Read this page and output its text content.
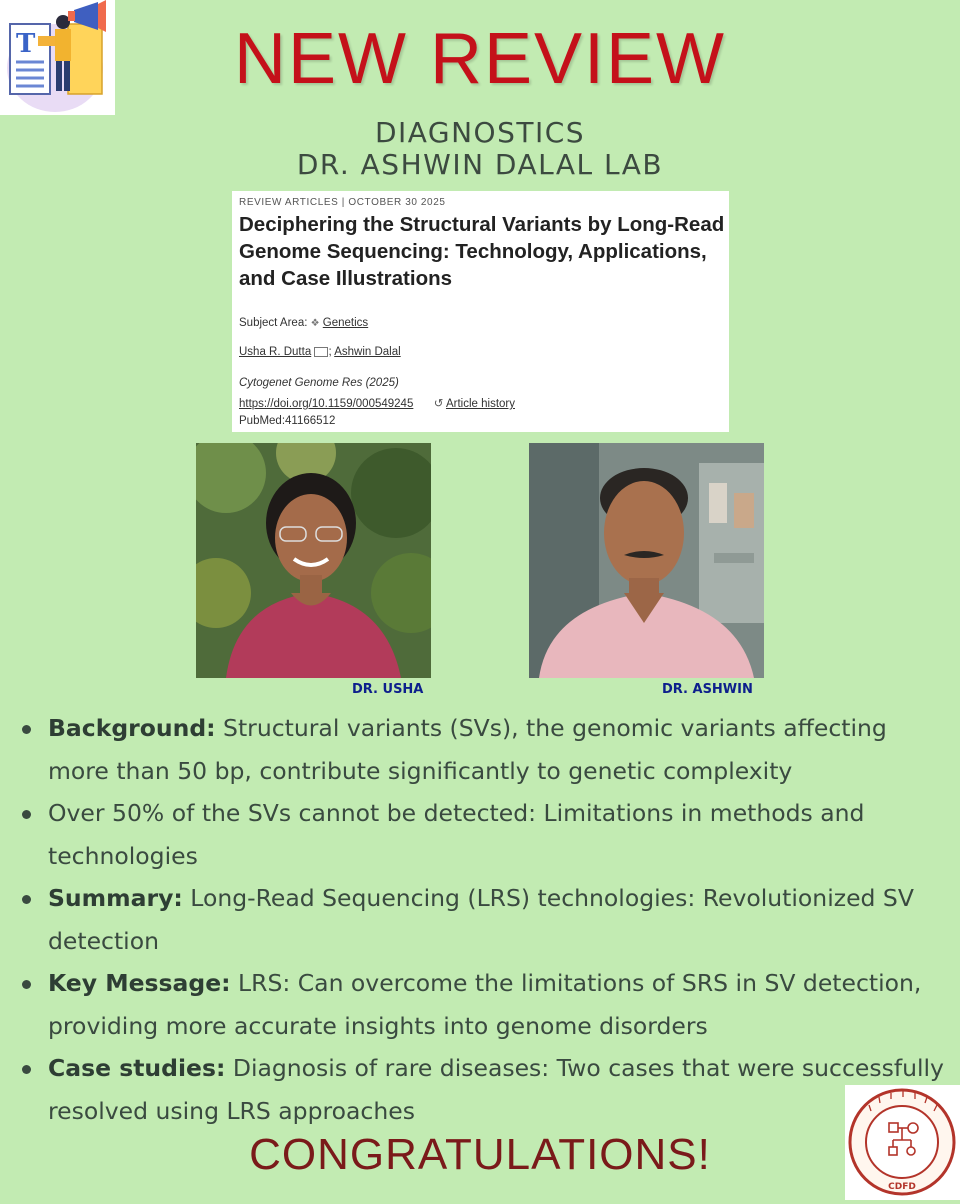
T	NEW REVIEW
DIAGNOSTICS
DR. ASHWIN DALAL LAB
REVIEW ARTICLES | OCTOBER 30 2025
Deciphering the Structural Variants by Long-Read Genome Sequencing: Technology, Applications, and Case Illustrations
Subject Area: ❖ Genetics
Usha R. Dutta ; Ashwin Dalal
Cytogenet Genome Res (2025)
https://doi.org/10.1159/000549245 ↺ Article history
PubMed:41166512
DR. USHA	DR. ASHWIN
Background: Structural variants (SVs), the genomic variants affecting more than 50 bp, contribute significantly to genetic complexity
Over 50% of the SVs cannot be detected: Limitations in methods and technologies
Summary: Long-Read Sequencing (LRS) technologies: Revolutionized SV detection
Key Message: LRS: Can overcome the limitations of SRS in SV detection, providing more accurate insights into genome disorders
Case studies: Diagnosis of rare diseases: Two cases that were successfully resolved using LRS approaches
CONGRATULATIONS!
CDFD
